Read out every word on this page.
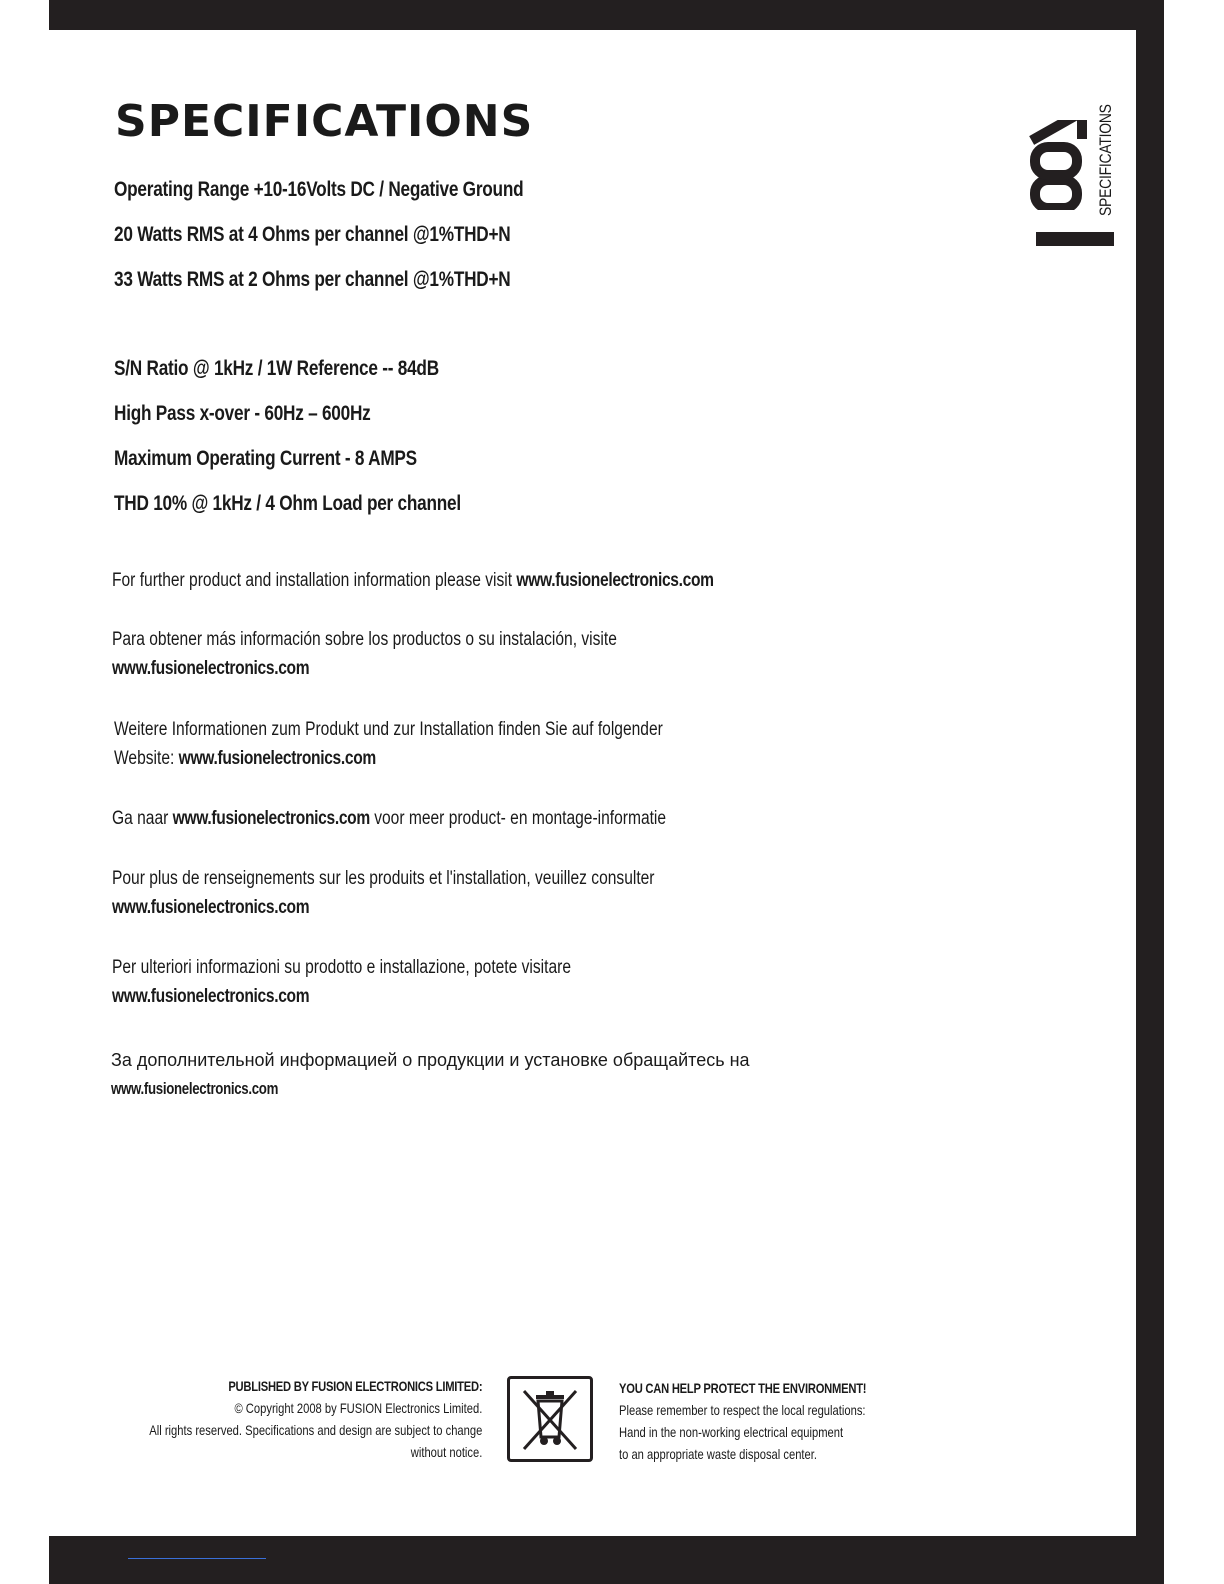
SPECIFICATIONS	SPECIFICATIONS
Operating Range +10-16Volts DC / Negative Ground
20 Watts RMS at 4 Ohms per channel @1%THD+N
33 Watts RMS at 2 Ohms per channel @1%THD+N
S/N Ratio @ 1kHz / 1W Reference -- 84dB
High Pass x-over - 60Hz – 600Hz
Maximum Operating Current - 8 AMPS
THD 10% @ 1kHz / 4 Ohm Load per channel
For further product and installation information please visit www.fusionelectronics.com
Para obtener más información sobre los productos o su instalación, visite
www.fusionelectronics.com
Weitere Informationen zum Produkt und zur Installation finden Sie auf folgender
Website: www.fusionelectronics.com
Ga naar www.fusionelectronics.com voor meer product- en montage-informatie
Pour plus de renseignements sur les produits et l'installation, veuillez consulter
www.fusionelectronics.com
Per ulteriori informazioni su prodotto e installazione, potete visitare
www.fusionelectronics.com
За дополнительной информацией о продукции и установке обращайтесь на
www.fusionelectronics.com
PUBLISHED BY FUSION ELECTRONICS LIMITED:
© Copyright 2008 by FUSION Electronics Limited.
All rights reserved. Specifications and design are subject to change
without notice.
YOU CAN HELP PROTECT THE ENVIRONMENT!
Please remember to respect the local regulations:
Hand in the non-working electrical equipment
to an appropriate waste disposal center.
